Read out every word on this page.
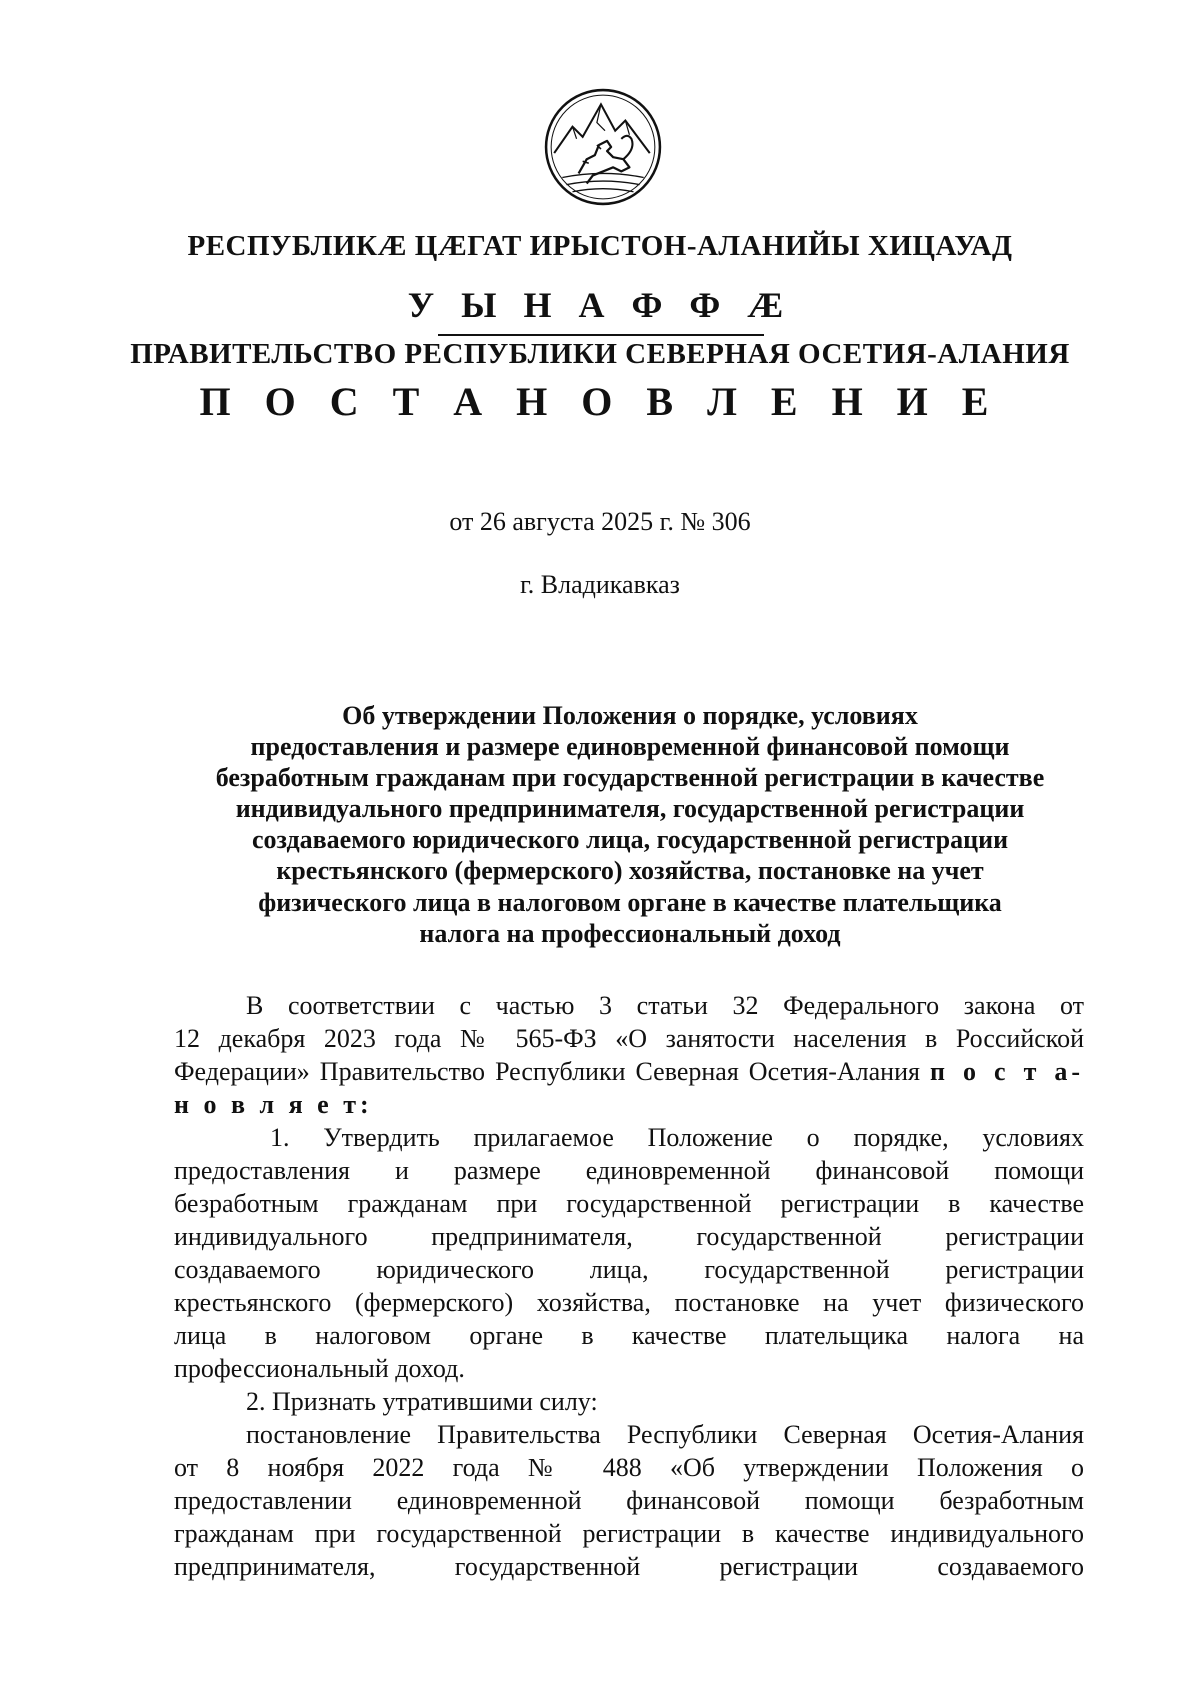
РЕСПУБЛИКÆ ЦÆГАТ ИРЫСТОН-АЛАНИЙЫ ХИЦАУАД
У Ы Н А Ф Ф Æ
ПРАВИТЕЛЬСТВО РЕСПУБЛИКИ СЕВЕРНАЯ ОСЕТИЯ-АЛАНИЯ
П О С Т А Н О В Л Е Н И Е
от 26 августа 2025 г. № 306
г. Владикавказ
Об утверждении Положения о порядке, условиях
предоставления и размере единовременной финансовой помощи
безработным гражданам при государственной регистрации в качестве
индивидуального предпринимателя, государственной регистрации
создаваемого юридического лица, государственной регистрации
крестьянского (фермерского) хозяйства, постановке на учет
физического лица в налоговом органе в качестве плательщика
налога на профессиональный доход
В соответствии с частью 3 статьи 32 Федерального закона от
12 декабря 2023 года № 565-ФЗ «О занятости населения в Российской
Федерации» Правительство Республики Северная Осетия-Алания п о с т а-
н о в л я е т:
1. Утвердить прилагаемое Положение о порядке, условиях
предоставления и размере единовременной финансовой помощи
безработным гражданам при государственной регистрации в качестве
индивидуального предпринимателя, государственной регистрации
создаваемого юридического лица, государственной регистрации
крестьянского (фермерского) хозяйства, постановке на учет физического
лица в налоговом органе в качестве плательщика налога на
профессиональный доход.
2. Признать утратившими силу:
постановление Правительства Республики Северная Осетия-Алания
от 8 ноября 2022 года № 488 «Об утверждении Положения о
предоставлении единовременной финансовой помощи безработным
гражданам при государственной регистрации в качестве индивидуального
предпринимателя, государственной регистрации создаваемого
